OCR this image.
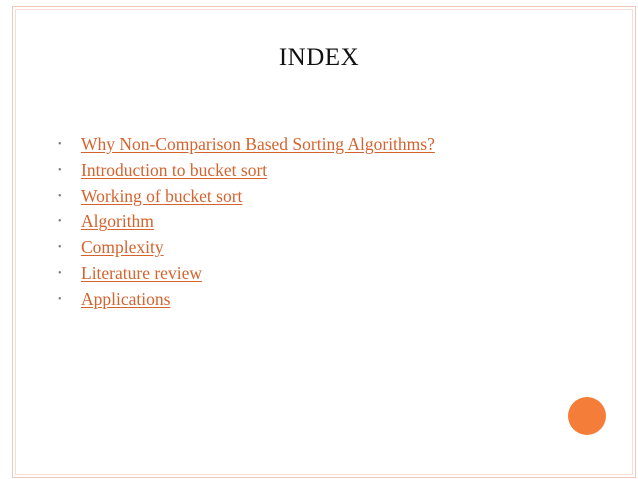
INDEX
• Why Non-Comparison Based Sorting Algorithms?
• Introduction to bucket sort
• Working of bucket sort
• Algorithm
• Complexity
• Literature review
• Applications
